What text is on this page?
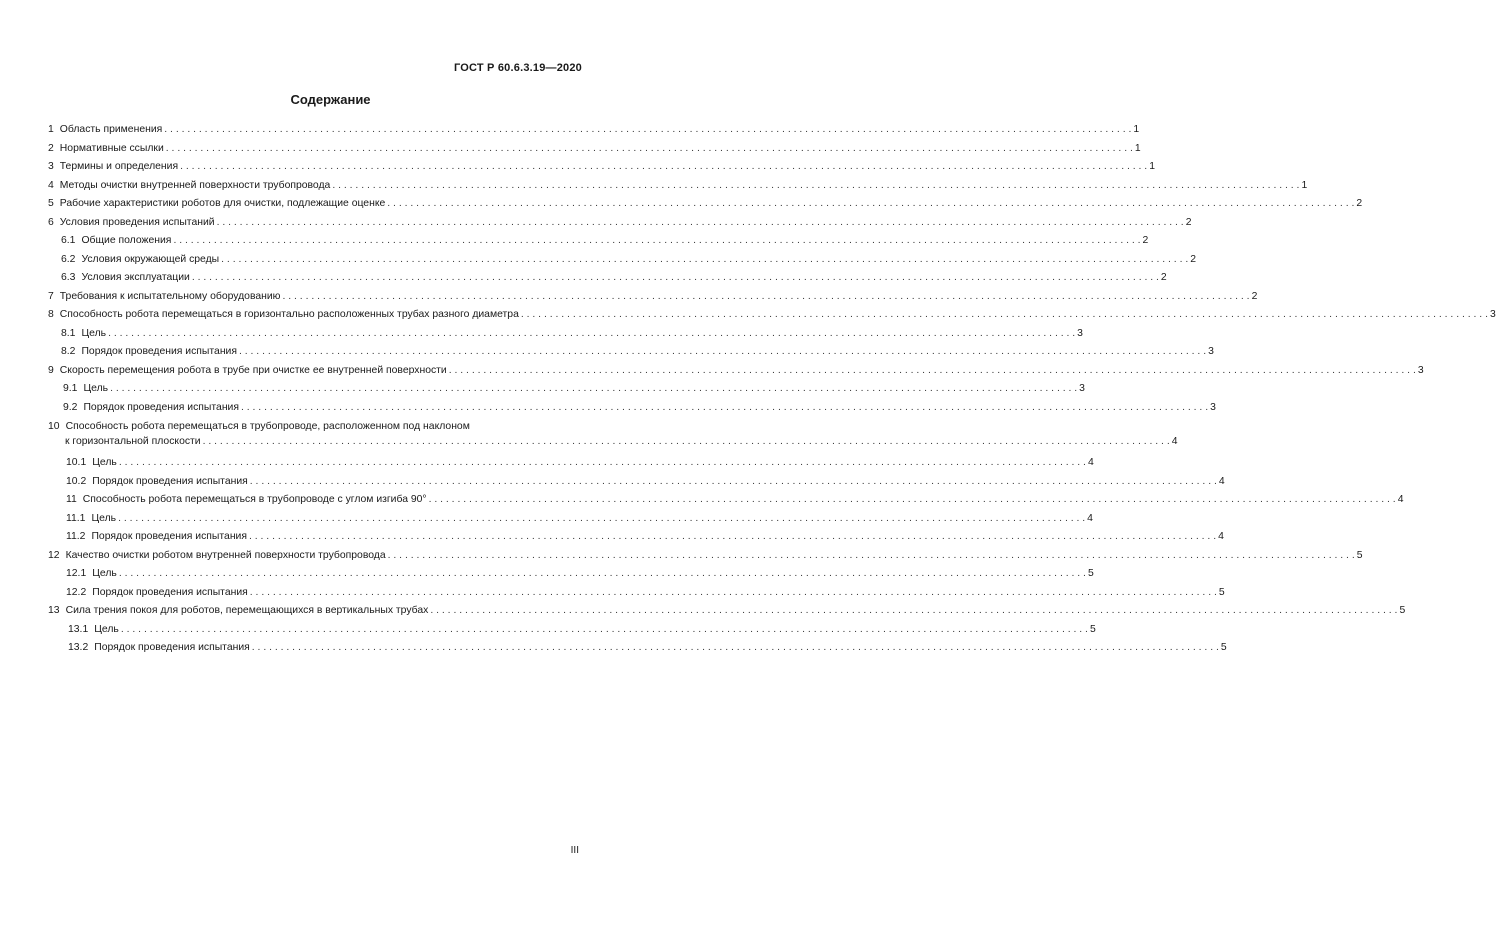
ГОСТ Р 60.6.3.19—2020
Содержание
1 Область применения . . .	1
2 Нормативные ссылки . . .	1
3 Термины и определения . . .	1
4 Методы очистки внутренней поверхности трубопровода . . .	1
5 Рабочие характеристики роботов для очистки, подлежащие оценке . . .	2
6 Условия проведения испытаний . . .	2
6.1 Общие положения . . .	2
6.2 Условия окружающей среды . . .	2
6.3 Условия эксплуатации . . .	2
7 Требования к испытательному оборудованию . . .	2
8 Способность робота перемещаться в горизонтально расположенных трубах разного диаметра . . .	3
8.1 Цель . . .	3
8.2 Порядок проведения испытания . . .	3
9 Скорость перемещения робота в трубе при очистке ее внутренней поверхности . . .	3
9.1 Цель . . .	3
9.2 Порядок проведения испытания . . .	3
10 Способность робота перемещаться в трубопроводе, расположенном под наклоном
к горизонтальной плоскости . . .	4
10.1 Цель . . .	4
10.2 Порядок проведения испытания . . .	4
11 Способность робота перемещаться в трубопроводе с углом изгиба 90° . . .	4
11.1 Цель . . .	4
11.2 Порядок проведения испытания . . .	4
12 Качество очистки роботом внутренней поверхности трубопровода . . .	5
12.1 Цель . . .	5
12.2 Порядок проведения испытания . . .	5
13 Сила трения покоя для роботов, перемещающихся в вертикальных трубах . . .	5
13.1 Цель . . .	5
13.2 Порядок проведения испытания . . .	5
III
